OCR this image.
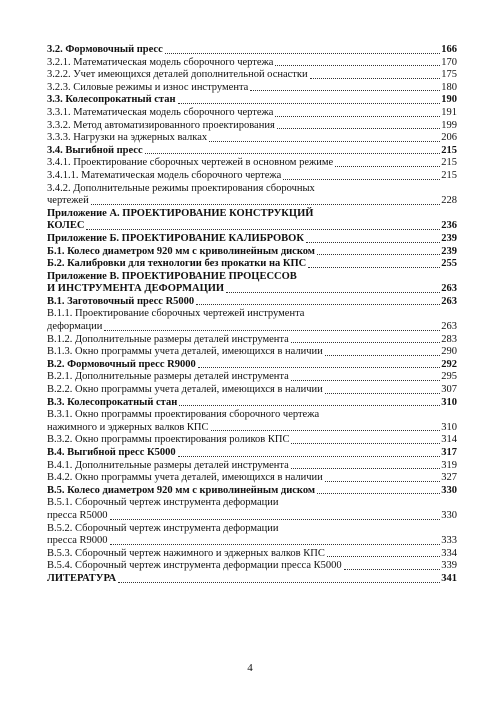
3.2. Формовочный пресс	166
3.2.1. Математическая модель сборочного чертежа	170
3.2.2. Учет имеющихся деталей дополнительной оснастки	175
3.2.3. Силовые режимы и износ инструмента	180
3.3. Колесопрокатный стан	190
3.3.1. Математическая модель сборочного чертежа	191
3.3.2. Метод автоматизированного проектирования	199
3.3.3. Нагрузки на эджерных валках	206
3.4. Выгибной пресс	215
3.4.1. Проектирование сборочных чертежей в основном режиме	215
3.4.1.1. Математическая модель сборочного чертежа	215
3.4.2. Дополнительные режимы проектирования сборочных
чертежей	228
Приложение А. ПРОЕКТИРОВАНИЕ КОНСТРУКЦИЙ
КОЛЕС	236
Приложение Б. ПРОЕКТИРОВАНИЕ КАЛИБРОВОК	239
Б.1. Колесо диаметром 920 мм с криволинейным диском	239
Б.2. Калибровки для технологии без прокатки на КПС	255
Приложение В. ПРОЕКТИРОВАНИЕ ПРОЦЕССОВ
И ИНСТРУМЕНТА ДЕФОРМАЦИИ	263
В.1. Заготовочный пресс R5000	263
В.1.1. Проектирование сборочных чертежей инструмента
деформации	263
В.1.2. Дополнительные размеры деталей инструмента	283
В.1.3. Окно программы учета деталей, имеющихся в наличии	290
В.2. Формовочный пресс R9000	292
В.2.1. Дополнительные размеры деталей инструмента	295
В.2.2. Окно программы учета деталей, имеющихся в наличии	307
В.3. Колесопрокатный стан	310
В.3.1. Окно программы проектирования сборочного чертежа
нажимного и эджерных валков КПС	310
В.3.2. Окно программы проектирования роликов КПС	314
В.4. Выгибной пресс К5000	317
В.4.1. Дополнительные размеры деталей инструмента	319
В.4.2. Окно программы учета деталей, имеющихся в наличии	327
В.5. Колесо диаметром 920 мм с криволинейным диском	330
В.5.1. Сборочный чертеж инструмента деформации
пресса R5000	330
В.5.2. Сборочный чертеж инструмента деформации
пресса R9000	333
В.5.3. Сборочный чертеж нажимного и эджерных валков КПС	334
В.5.4. Сборочный чертеж инструмента деформации пресса К5000	339
ЛИТЕРАТУРА	341
4
